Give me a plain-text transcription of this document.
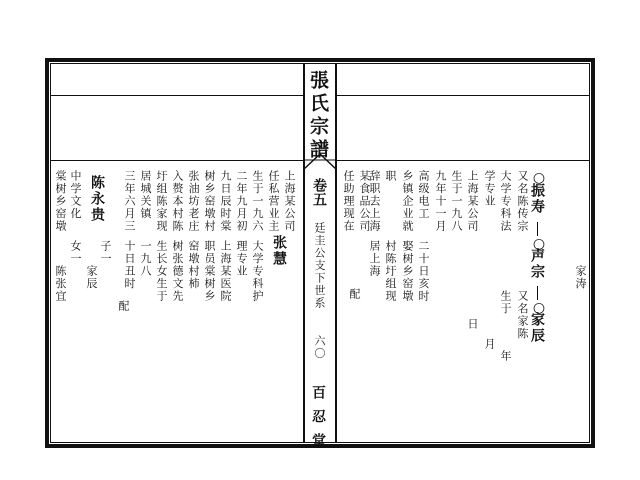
張氏宗譜
卷五
廷圭公支下世系
六〇
百忍堂
家涛
○
振寿
○
声宗
○
家辰
又名家陈
生于
年
月
又名陈传宗
大学专科法
学专业
上海某公司
日
生于一九八
九年十一月
二十日亥时
娶树乡窑墩
村陈圩组现
居上海
配
高级电工
乡镇企业就
职
辞职去上海
某食品公司
任助理现在
上海某公司
任私营业主
张慧
生于一九六
大学专科护
二年九月初
理专业
九日辰时棠
上海某医院
树乡窑墩村
职员棠树乡
张油坊老庄
窑墩村柿
入赘本村陈
树张德文先
圩组陈家现
生长女生于
居城关镇
一九八
三年六月三
十日丑时
配
子一
家辰
陈永贵
中学文化
棠树乡窑墩
女一
陈张宜
